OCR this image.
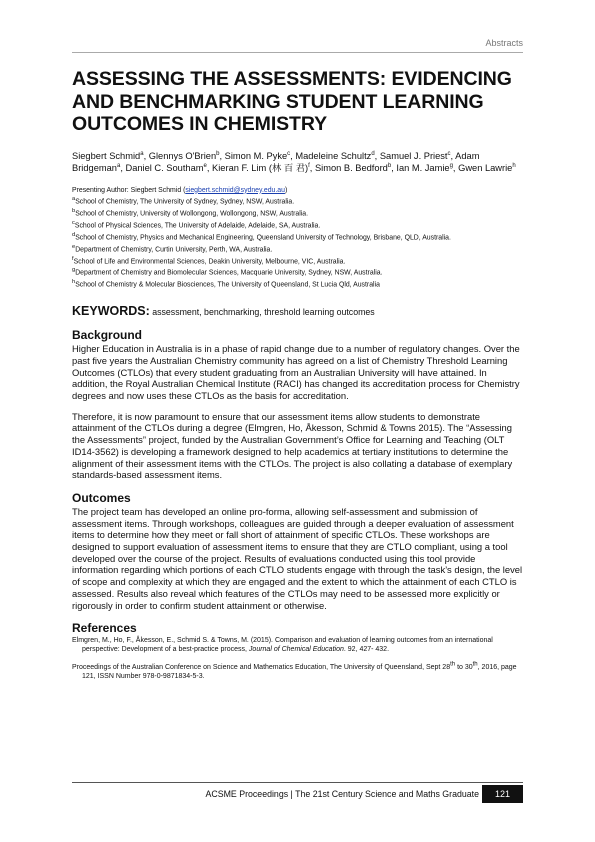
Abstracts
ASSESSING THE ASSESSMENTS: EVIDENCING AND BENCHMARKING STUDENT LEARNING OUTCOMES IN CHEMISTRY
Siegbert Schmid$^a$, Glennys O'Brien$^b$, Simon M. Pyke$^c$, Madeleine Schultz$^d$, Samuel J. Priest$^c$, Adam Bridgeman$^a$, Daniel C. Southam$^e$, Kieran F. Lim (林 百 君)$^f$, Simon B. Bedford$^b$, Ian M. Jamie$^g$, Gwen Lawrie$^h$
Presenting Author: Siegbert Schmid (siegbert.schmid@sydney.edu.au)
$^a$School of Chemistry, The University of Sydney, Sydney, NSW, Australia.
$^b$School of Chemistry, University of Wollongong, Wollongong, NSW, Australia.
$^c$School of Physical Sciences, The University of Adelaide, Adelaide, SA, Australia.
$^d$School of Chemistry, Physics and Mechanical Engineering, Queensland University of Technology, Brisbane, QLD, Australia.
$^e$Department of Chemistry, Curtin University, Perth, WA, Australia.
$^f$School of Life and Environmental Sciences, Deakin University, Melbourne, VIC, Australia.
$^g$Department of Chemistry and Biomolecular Sciences, Macquarie University, Sydney, NSW, Australia.
$^h$School of Chemistry & Molecular Biosciences, The University of Queensland, St Lucia Qld, Australia
KEYWORDS: assessment, benchmarking, threshold learning outcomes
Background

Higher Education in Australia is in a phase of rapid change due to a number of regulatory changes. Over the past five years the Australian Chemistry community has agreed on a list of Chemistry Threshold Learning Outcomes (CTLOs) that every student graduating from an Australian University will have attained. In addition, the Royal Australian Chemical Institute (RACI) has changed its accreditation process for Chemistry degrees and now uses these CTLOs as the basis for accreditation.

Therefore, it is now paramount to ensure that our assessment items allow students to demonstrate attainment of the CTLOs during a degree (Elmgren, Ho, Åkesson, Schmid & Towns 2015). The “Assessing the Assessments” project, funded by the Australian Government’s Office for Learning and Teaching (OLT ID14-3562) is developing a framework designed to help academics at tertiary institutions to determine the alignment of their assessment items with the CTLOs. The project is also collating a database of exemplary standards-based assessment items.

Outcomes

The project team has developed an online pro-forma, allowing self-assessment and submission of assessment items. Through workshops, colleagues are guided through a deeper evaluation of assessment items to determine how they meet or fall short of attainment of specific CTLOs. These workshops are designed to support evaluation of assessment items to ensure that they are CTLO compliant, using a tool developed over the course of the project. Results of evaluations conducted using this tool provide information regarding which portions of each CTLO students engage with through the task’s design, the level of scope and complexity at which they are engaged and the extent to which the attainment of each CTLO is assessed. Results also reveal which features of the CTLOs may need to be assessed more explicitly or rigorously in order to confirm student attainment or otherwise.

References
Elmgren, M., Ho, F., Åkesson, E., Schmid S. & Towns, M. (2015). Comparison and evaluation of learning outcomes from an international perspective: Development of a best-practice process, Journal of Chemical Education. 92, 427- 432.
Proceedings of the Australian Conference on Science and Mathematics Education, The University of Queensland, Sept 28th to 30th, 2016, page 121, ISSN Number 978-0-9871834-5-3.
ACSME Proceedings | The 21st Century Science and Maths Graduate	121
